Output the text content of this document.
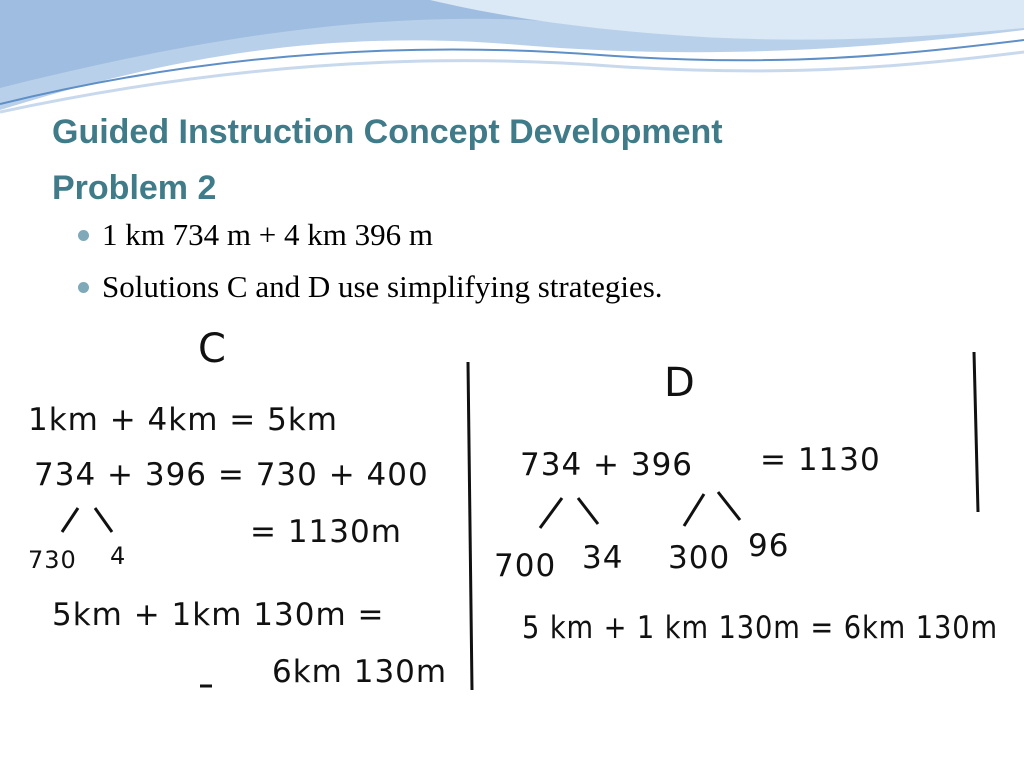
Guided Instruction Concept Development
Problem 2
1 km 734 m + 4 km 396 m
Solutions C and D use simplifying strategies.
C
1km + 4km = 5km
734 + 396 = 730 + 400
730 4
= 1130m
5km + 1km 130m =
6km 130m
D
734 + 396 = 1130
700 34 300 96
5 km + 1 km 130m = 6km 130m
